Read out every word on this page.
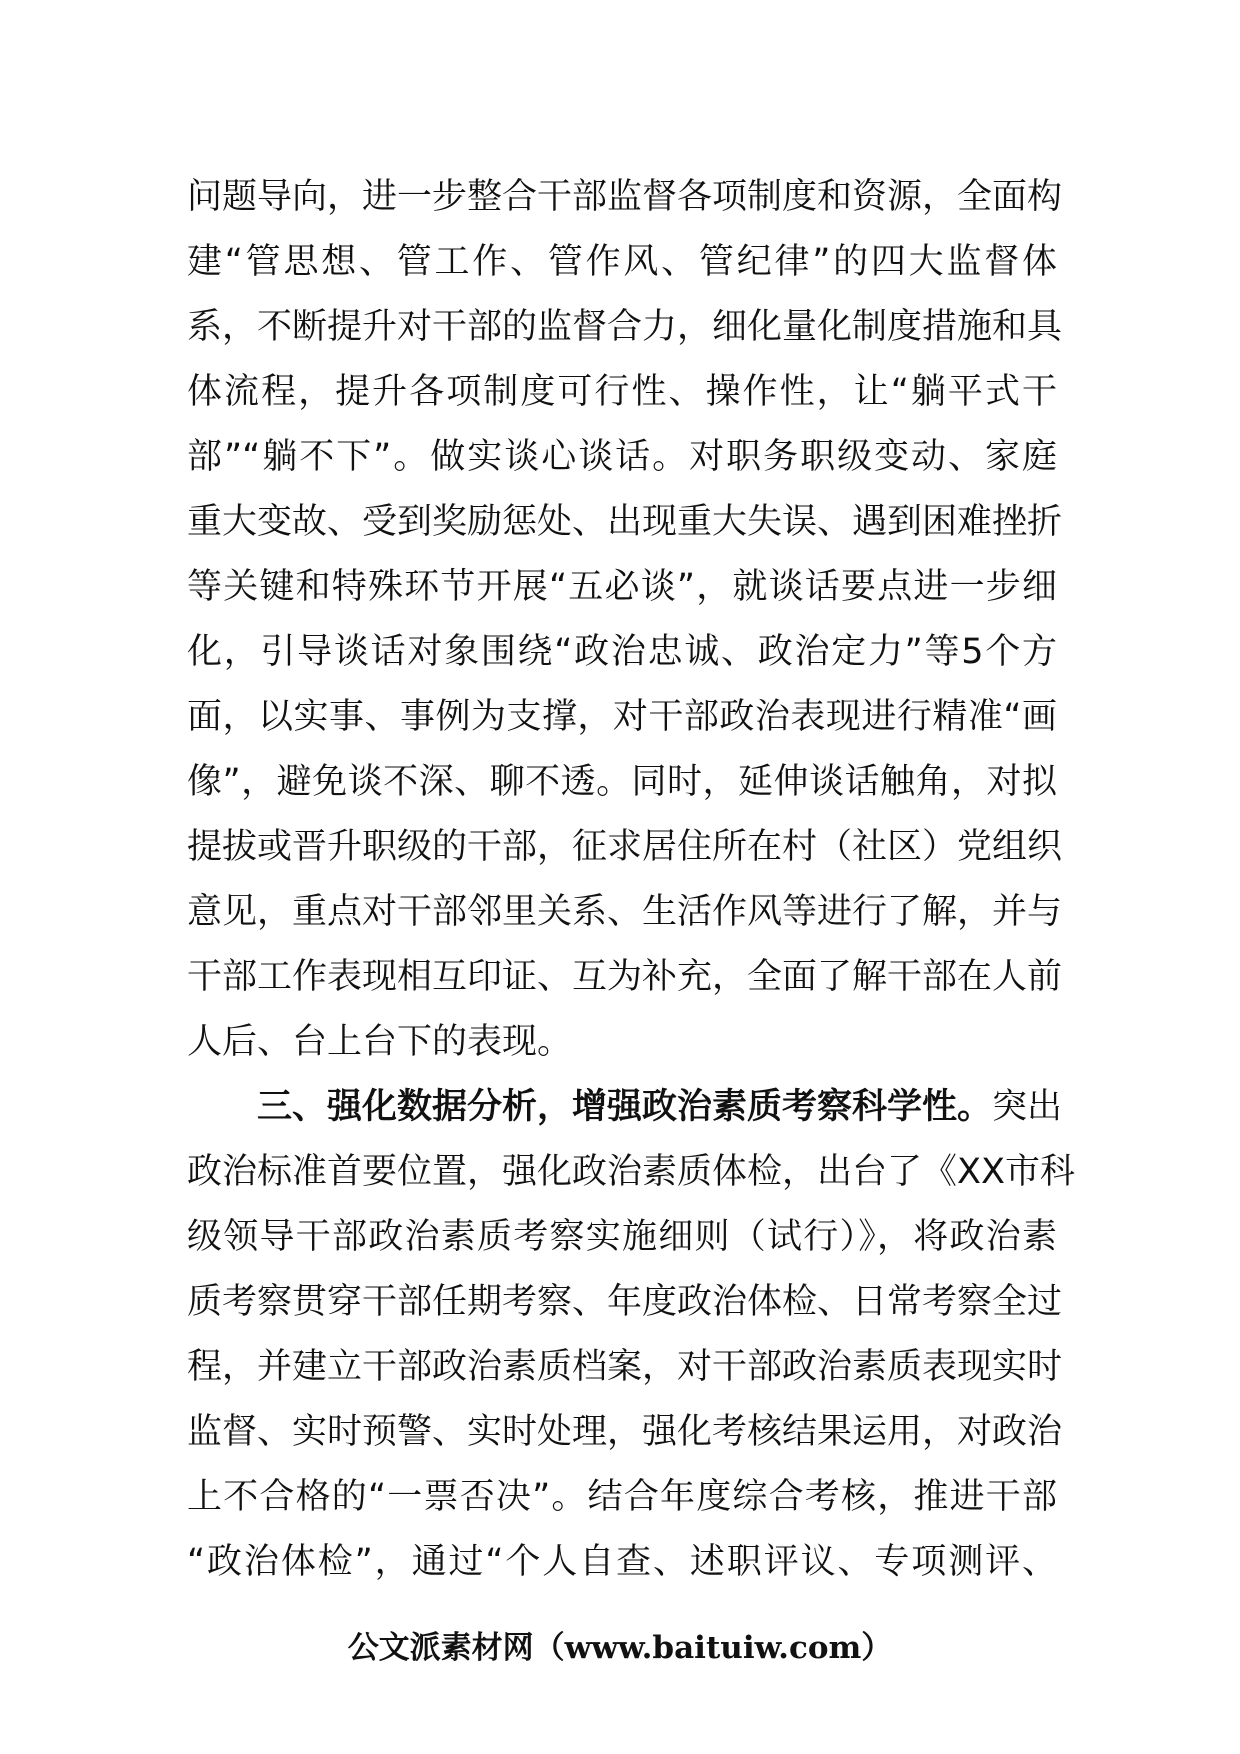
问题导向，进一步整合干部监督各项制度和资源，全面构
建“管思想、管工作、管作风、管纪律”的四大监督体
系，不断提升对干部的监督合力，细化量化制度措施和具
体流程，提升各项制度可行性、操作性，让“躺平式干
部”“躺不下”。做实谈心谈话。对职务职级变动、家庭
重大变故、受到奖励惩处、出现重大失误、遇到困难挫折
等关键和特殊环节开展“五必谈”，就谈话要点进一步细
化，引导谈话对象围绕“政治忠诚、政治定力”等5个方
面，以实事、事例为支撑，对干部政治表现进行精准“画
像”，避免谈不深、聊不透。同时，延伸谈话触角，对拟
提拔或晋升职级的干部，征求居住所在村（社区）党组织
意见，重点对干部邻里关系、生活作风等进行了解，并与
干部工作表现相互印证、互为补充，全面了解干部在人前
人后、台上台下的表现。
三、强化数据分析，增强政治素质考察科学性。突出
政治标准首要位置，强化政治素质体检，出台了《XX市科
级领导干部政治素质考察实施细则（试行）》，将政治素
质考察贯穿干部任期考察、年度政治体检、日常考察全过
程，并建立干部政治素质档案，对干部政治素质表现实时
监督、实时预警、实时处理，强化考核结果运用，对政治
上不合格的“一票否决”。结合年度综合考核，推进干部
“政治体检”，通过“个人自查、述职评议、专项测评、
公文派素材网（www.baituiw.com）
